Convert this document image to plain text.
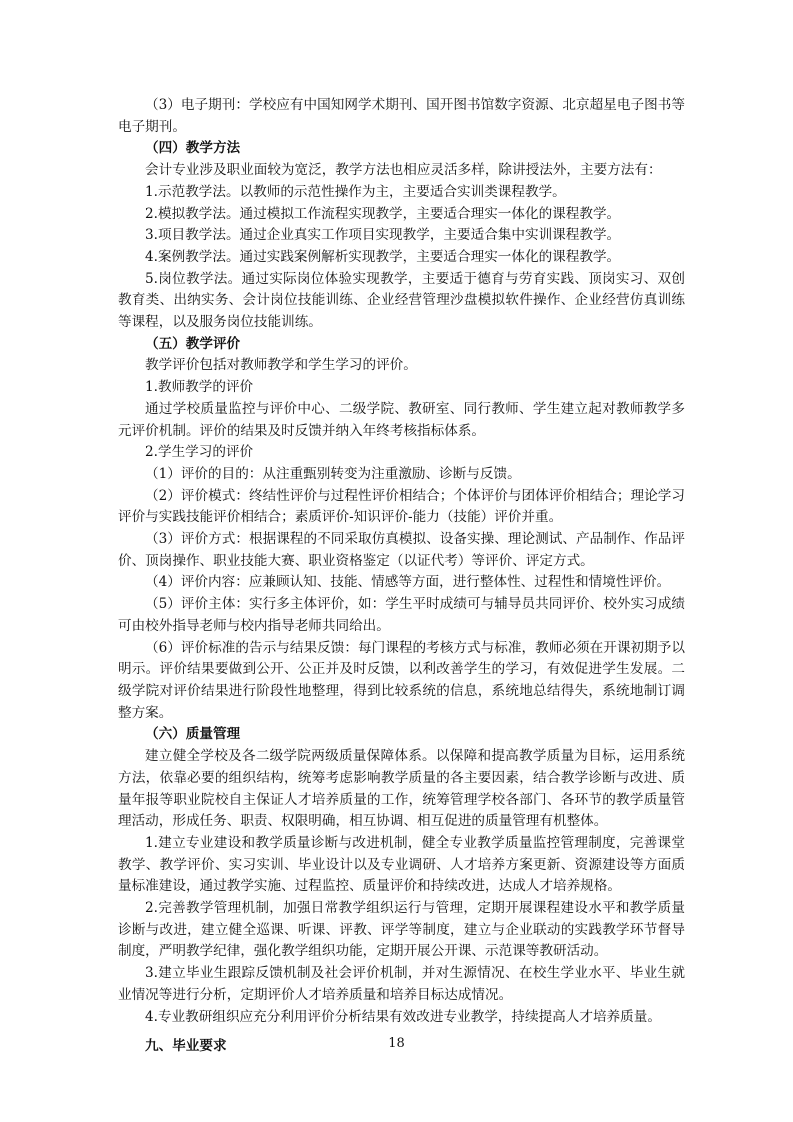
（3）电子期刊：学校应有中国知网学术期刊、国开图书馆数字资源、北京超星电子图书等电子期刊。

（四）教学方法

会计专业涉及职业面较为宽泛，教学方法也相应灵活多样，除讲授法外，主要方法有：

1.示范教学法。以教师的示范性操作为主，主要适合实训类课程教学。

2.模拟教学法。通过模拟工作流程实现教学，主要适合理实一体化的课程教学。

3.项目教学法。通过企业真实工作项目实现教学，主要适合集中实训课程教学。

4.案例教学法。通过实践案例解析实现教学，主要适合理实一体化的课程教学。

5.岗位教学法。通过实际岗位体验实现教学，主要适于德育与劳育实践、顶岗实习、双创教育类、出纳实务、会计岗位技能训练、企业经营管理沙盘模拟软件操作、企业经营仿真训练等课程，以及服务岗位技能训练。

（五）教学评价

教学评价包括对教师教学和学生学习的评价。

1.教师教学的评价

通过学校质量监控与评价中心、二级学院、教研室、同行教师、学生建立起对教师教学多元评价机制。评价的结果及时反馈并纳入年终考核指标体系。

2.学生学习的评价

（1）评价的目的：从注重甄别转变为注重激励、诊断与反馈。

（2）评价模式：终结性评价与过程性评价相结合；个体评价与团体评价相结合；理论学习评价与实践技能评价相结合；素质评价-知识评价-能力（技能）评价并重。

（3）评价方式：根据课程的不同采取仿真模拟、设备实操、理论测试、产品制作、作品评价、顶岗操作、职业技能大赛、职业资格鉴定（以证代考）等评价、评定方式。

（4）评价内容：应兼顾认知、技能、情感等方面，进行整体性、过程性和情境性评价。

（5）评价主体：实行多主体评价，如：学生平时成绩可与辅导员共同评价、校外实习成绩可由校外指导老师与校内指导老师共同给出。

（6）评价标准的告示与结果反馈：每门课程的考核方式与标准，教师必须在开课初期予以明示。评价结果要做到公开、公正并及时反馈，以利改善学生的学习，有效促进学生发展。二级学院对评价结果进行阶段性地整理，得到比较系统的信息，系统地总结得失，系统地制订调整方案。

（六）质量管理

建立健全学校及各二级学院两级质量保障体系。以保障和提高教学质量为目标，运用系统方法，依靠必要的组织结构，统筹考虑影响教学质量的各主要因素，结合教学诊断与改进、质量年报等职业院校自主保证人才培养质量的工作，统筹管理学校各部门、各环节的教学质量管理活动，形成任务、职责、权限明确，相互协调、相互促进的质量管理有机整体。

1.建立专业建设和教学质量诊断与改进机制，健全专业教学质量监控管理制度，完善课堂教学、教学评价、实习实训、毕业设计以及专业调研、人才培养方案更新、资源建设等方面质量标准建设，通过教学实施、过程监控、质量评价和持续改进，达成人才培养规格。

2.完善教学管理机制，加强日常教学组织运行与管理，定期开展课程建设水平和教学质量诊断与改进，建立健全巡课、听课、评教、评学等制度，建立与企业联动的实践教学环节督导制度，严明教学纪律，强化教学组织功能，定期开展公开课、示范课等教研活动。

3.建立毕业生跟踪反馈机制及社会评价机制，并对生源情况、在校生学业水平、毕业生就业情况等进行分析，定期评价人才培养质量和培养目标达成情况。

4.专业教研组织应充分利用评价分析结果有效改进专业教学，持续提高人才培养质量。

九、毕业要求	18
